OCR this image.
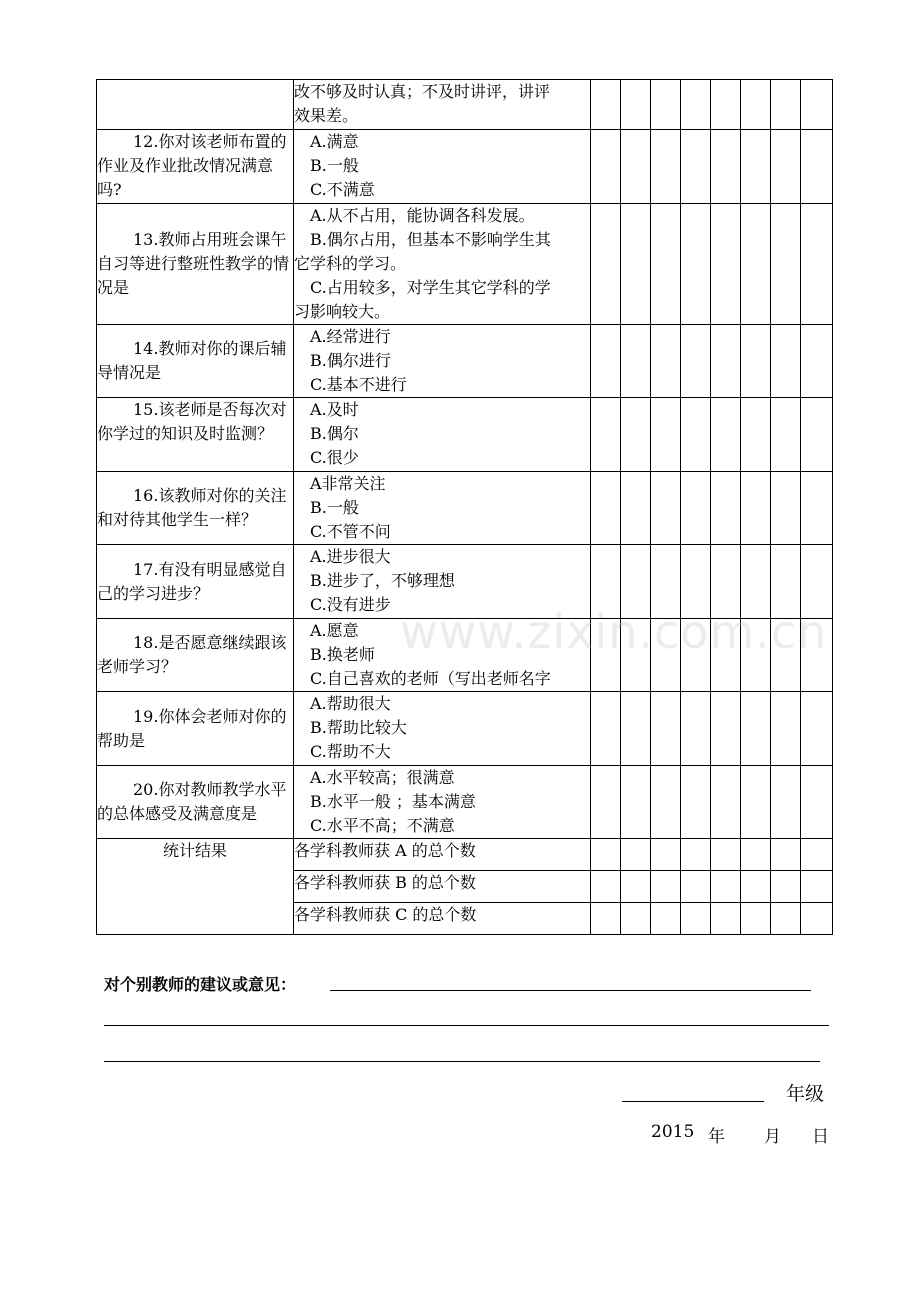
	改不够及时认真；不及时讲评，讲评
效果差。								

12.你对该老师布置的作业及作业批改情况满意吗?	A.满意
B.一般
C.不满意								

13.教师占用班会课午自习等进行整班性教学的情况是	A.从不占用，能协调各科发展。
B.偶尔占用，但基本不影响学生其
它学科的学习。
C.占用较多，对学生其它学科的学
习影响较大。								

14.教师对你的课后辅导情况是	A.经常进行
B.偶尔进行
C.基本不进行								

15.该老师是否每次对你学过的知识及时监测？	A.及时
B.偶尔
C.很少								

16.该教师对你的关注和对待其他学生一样？	A非常关注
B.一般
C.不管不问								

17.有没有明显感觉自己的学习进步？	A.进步很大
B.进步了，不够理想
C.没有进步								

18.是否愿意继续跟该老师学习？	A.愿意
B.换老师
C.自己喜欢的老师（写出老师名字								

19.你体会老师对你的帮助是	A.帮助很大
B.帮助比较大
C.帮助不大								

20.你对教师教学水平的总体感受及满意度是	A.水平较高；很满意
B.水平一般 ；基本满意
C.水平不高；不满意								

统计结果	各学科教师获 A 的总个数								
	各学科教师获 B 的总个数								
	各学科教师获 C 的总个数								
www.zixin.com.cn
对个别教师的建议或意见：
年级
2015 年 月 日
